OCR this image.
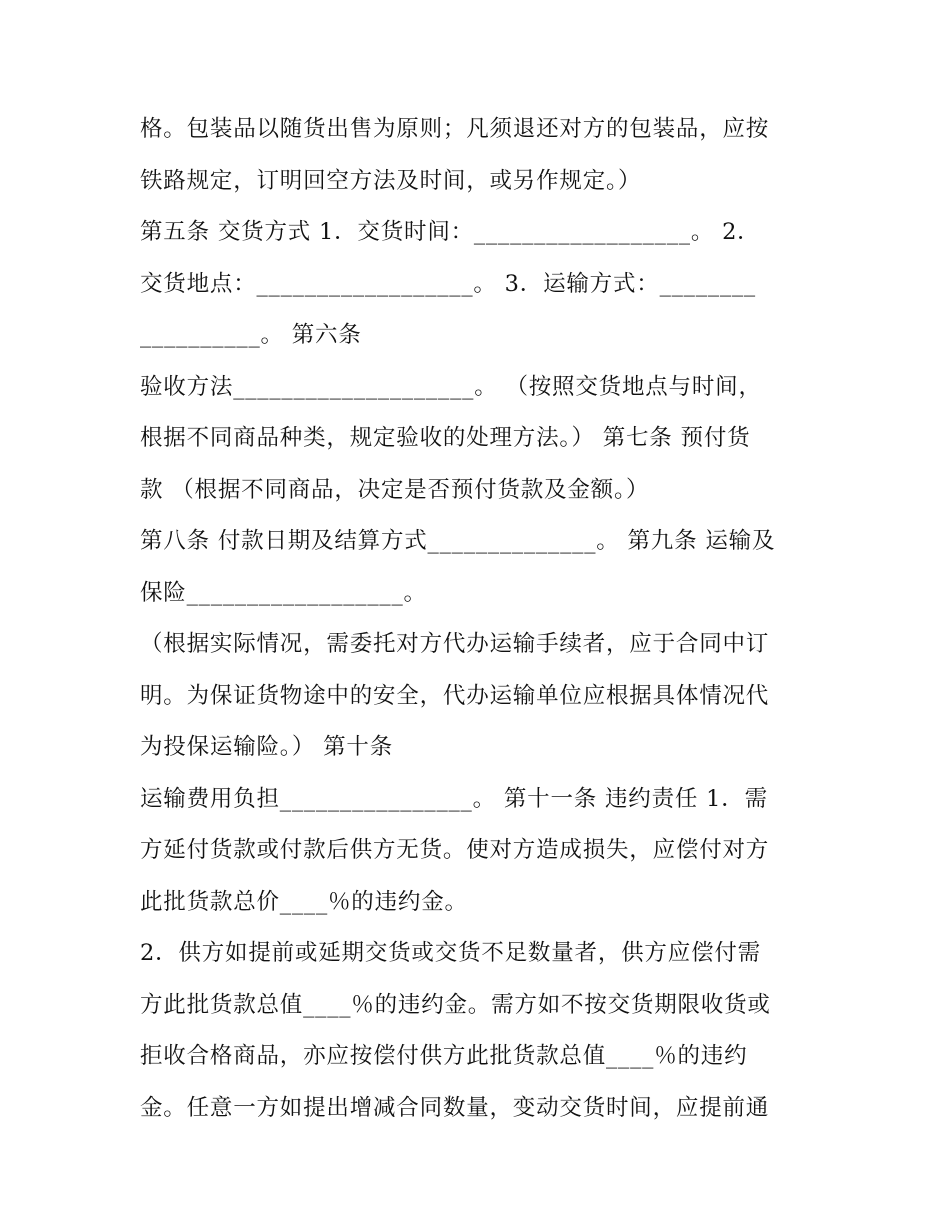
格。包装品以随货出售为原则；凡须退还对方的包装品，应按
铁路规定，订明回空方法及时间，或另作规定。）
第五条 交货方式 1．交货时间：__________________。 2．
交货地点：__________________。 3．运输方式：________
__________。 第六条
验收方法____________________。 （按照交货地点与时间，
根据不同商品种类，规定验收的处理方法。） 第七条 预付货
款 （根据不同商品，决定是否预付货款及金额。）
第八条 付款日期及结算方式______________。 第九条 运输及
保险__________________。
（根据实际情况，需委托对方代办运输手续者，应于合同中订
明。为保证货物途中的安全，代办运输单位应根据具体情况代
为投保运输险。） 第十条
运输费用负担________________。 第十一条 违约责任 1．需
方延付货款或付款后供方无货。使对方造成损失，应偿付对方
此批货款总价____％的违约金。
2．供方如提前或延期交货或交货不足数量者，供方应偿付需
方此批货款总值____％的违约金。需方如不按交货期限收货或
拒收合格商品，亦应按偿付供方此批货款总值____％的违约
金。任意一方如提出增减合同数量，变动交货时间，应提前通
